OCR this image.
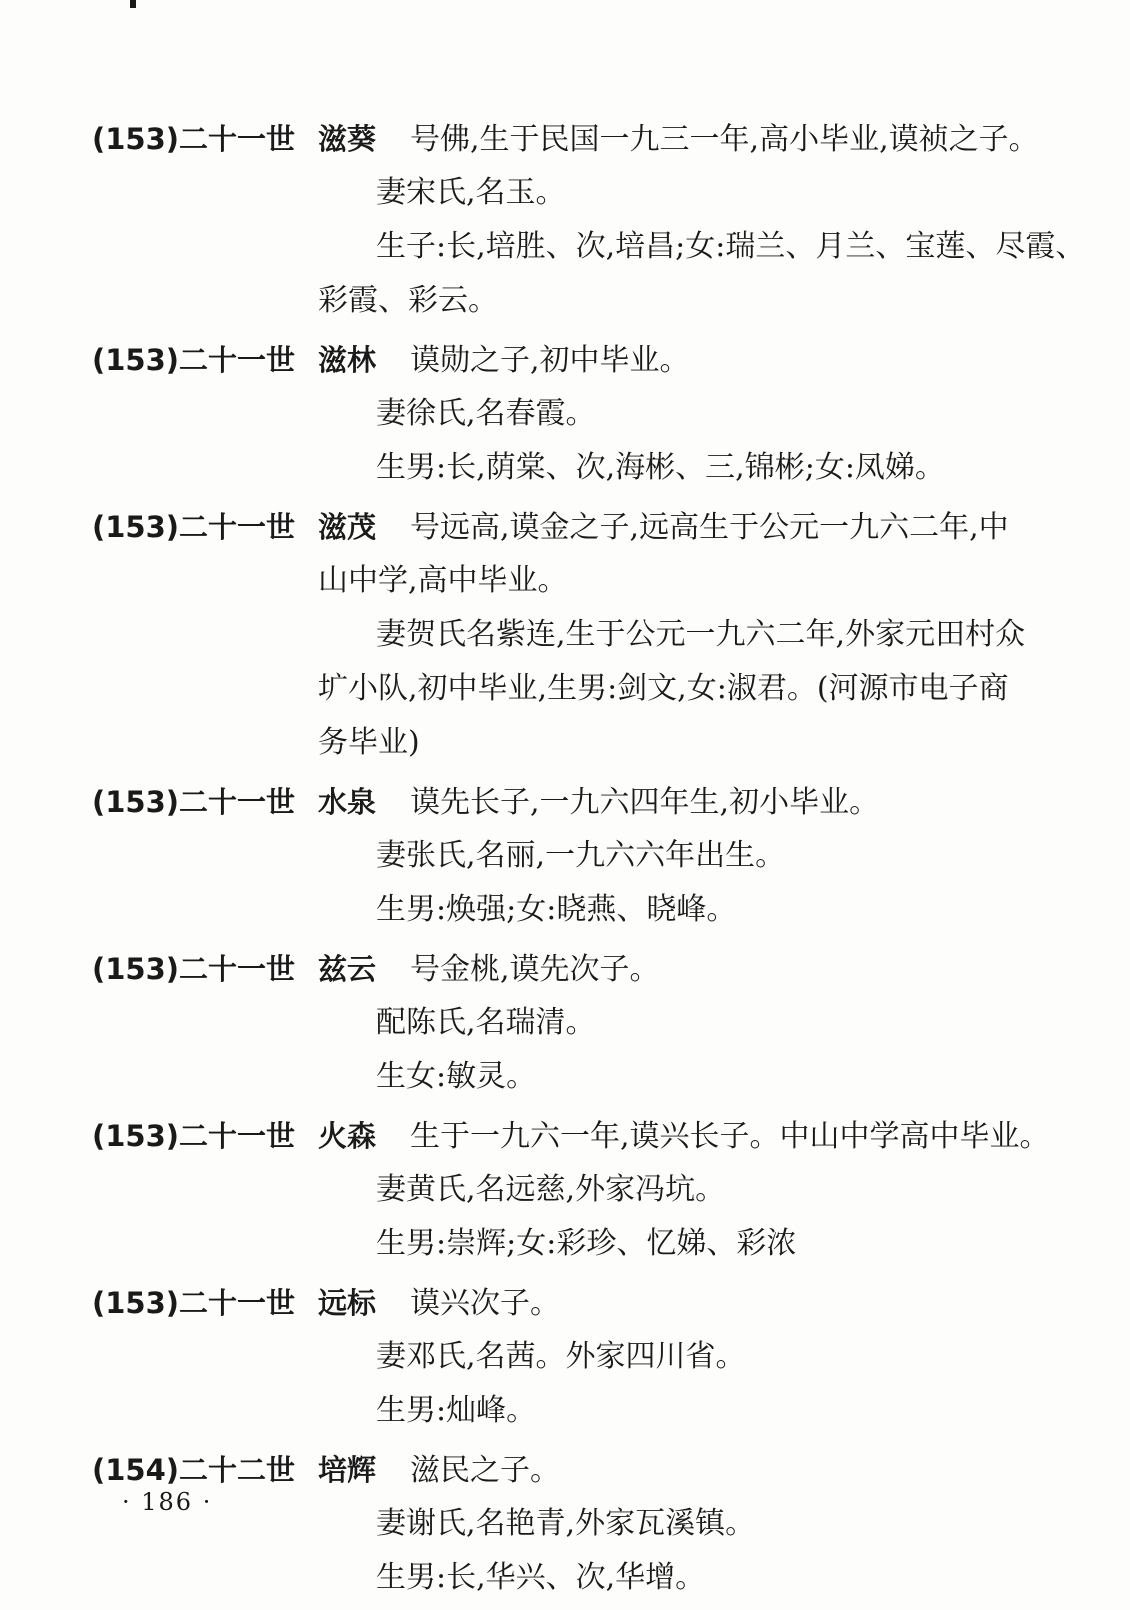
(153)二十一世 滋葵	号佛,生于民国一九三一年,高小毕业,谟祯之子。
妻宋氏,名玉。
生子:长,培胜、次,培昌;女:瑞兰、月兰、宝莲、尽霞、
彩霞、彩云。
(153)二十一世 滋林	谟勋之子,初中毕业。
妻徐氏,名春霞。
生男:长,荫棠、次,海彬、三,锦彬;女:凤娣。
(153)二十一世 滋茂	号远高,谟金之子,远高生于公元一九六二年,中
山中学,高中毕业。
妻贺氏名紫连,生于公元一九六二年,外家元田村众
圹小队,初中毕业,生男:剑文,女:淑君。(河源市电子商
务毕业)
(153)二十一世 水泉	谟先长子,一九六四年生,初小毕业。
妻张氏,名丽,一九六六年出生。
生男:焕强;女:晓燕、晓峰。
(153)二十一世 兹云	号金桃,谟先次子。
配陈氏,名瑞清。
生女:敏灵。
(153)二十一世 火森	生于一九六一年,谟兴长子。中山中学高中毕业。
妻黄氏,名远慈,外家冯坑。
生男:崇辉;女:彩珍、忆娣、彩浓
(153)二十一世 远标	谟兴次子。
妻邓氏,名茜。外家四川省。
生男:灿峰。
(154)二十二世 培辉	滋民之子。
妻谢氏,名艳青,外家瓦溪镇。
生男:长,华兴、次,华增。
· 186 ·
